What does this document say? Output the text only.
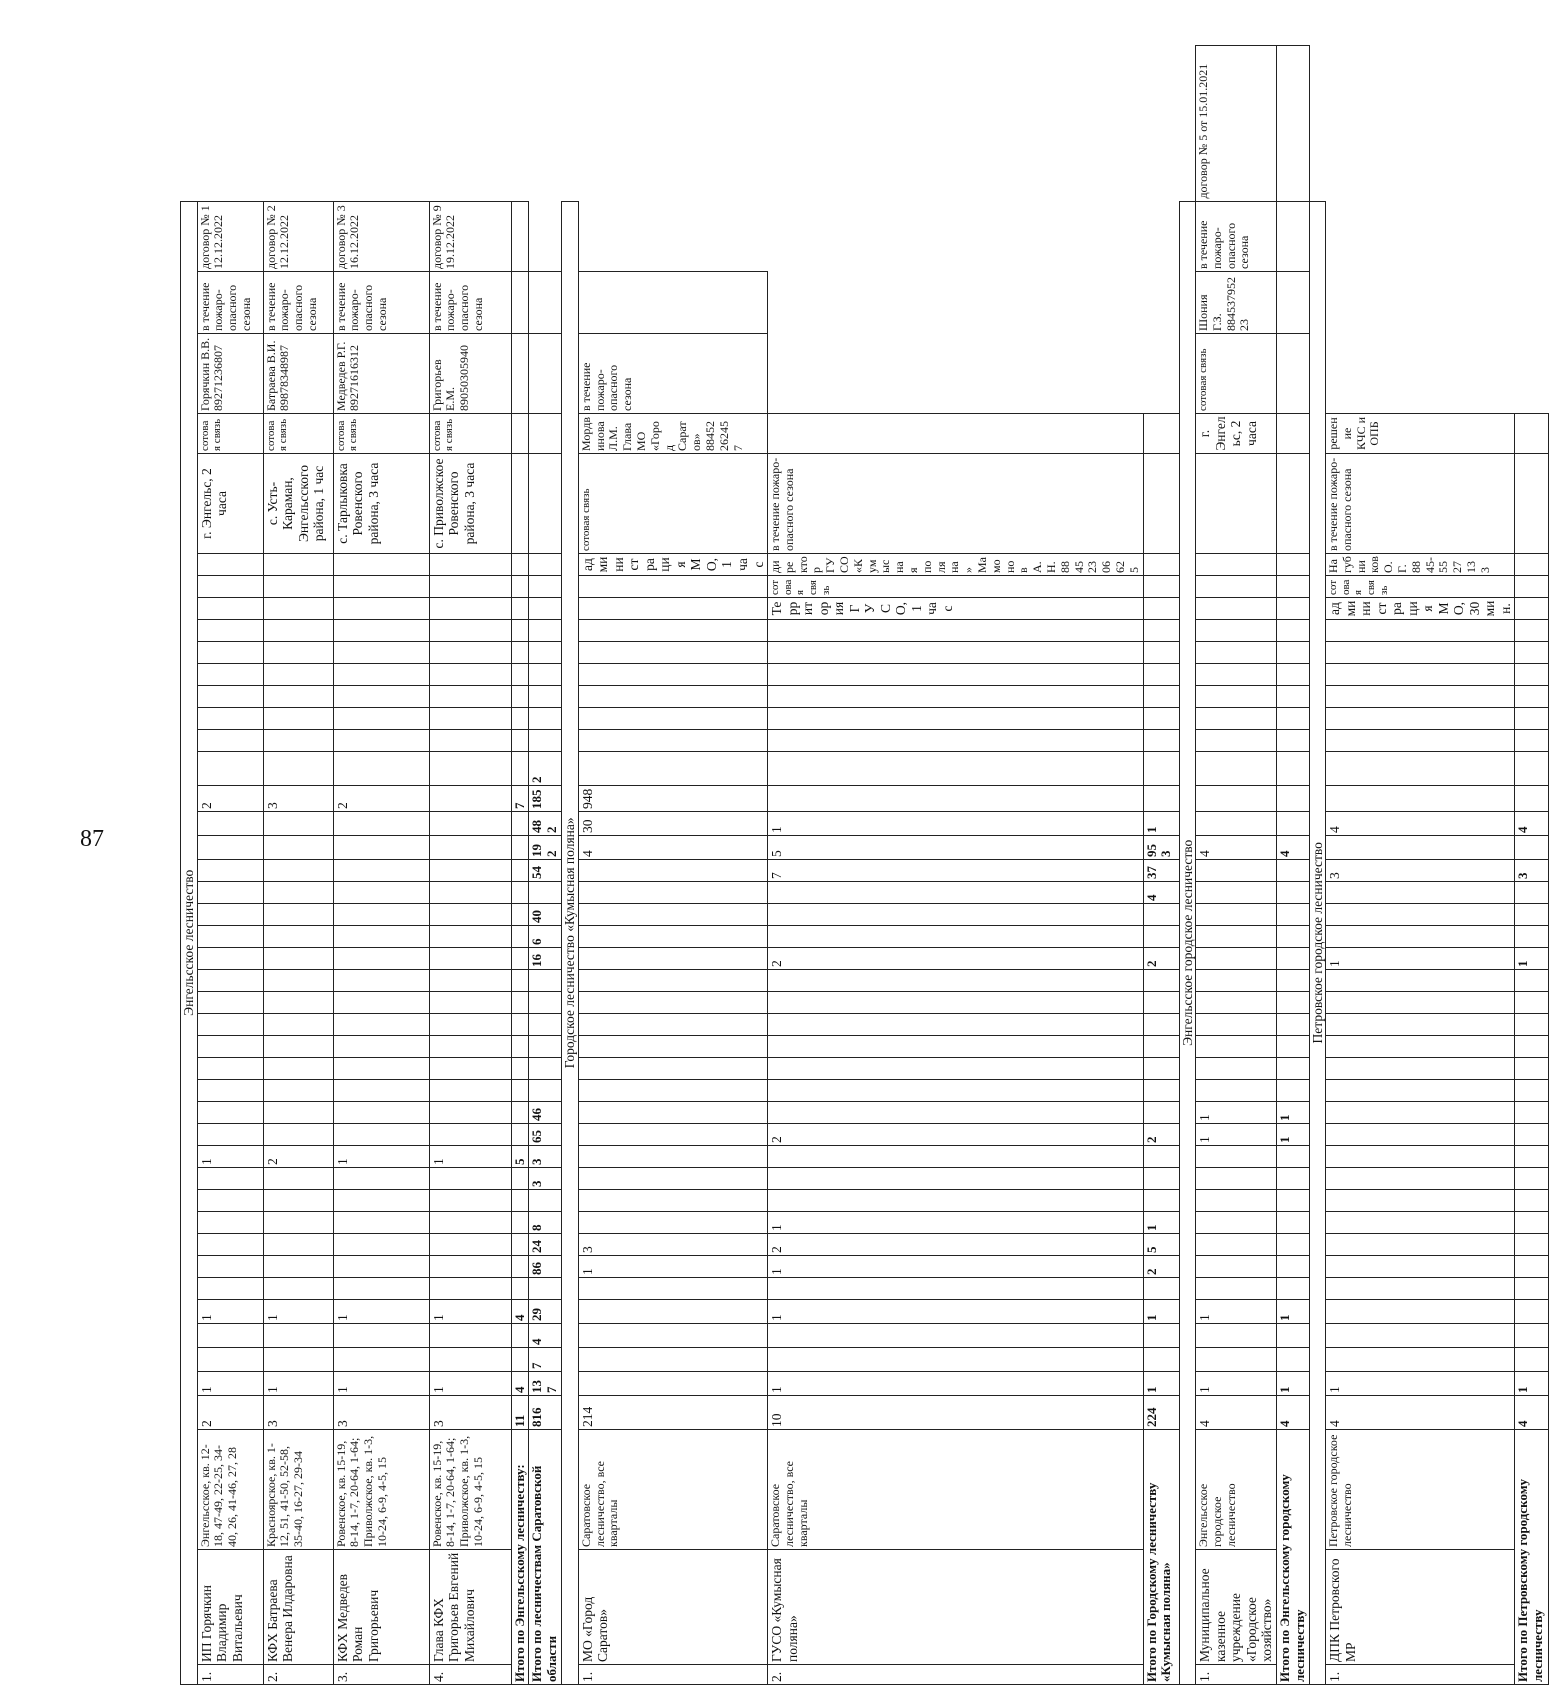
87
Энгельсское лесничество																																														
1.	ИП Горячкин Владимир Витальевич	Энгельсское, кв. 12-18, 47-49, 22-25, 34-40, 26, 41-46, 27, 28	2	1			1							1																2											г. Энгельс, 2 часа	сотовая связь	Горячкин В.В. 89271236807	в течение пожаро-опасного сезона	договор № 1 12.12.2022	
2.	КФХ Батраева Венера Илдаровна	Красноярское, кв. 1-12, 51, 41-50, 52-58, 35-40, 16-27, 29-34	3	1			1							2																3											с. Усть-Караман, Энгельсского района, 1 час	сотовая связь	Батраева В.И. 89878348987	в течение пожаро-опасного сезона	договор № 2 12.12.2022	
3.	КФХ Медведев Роман Григорьевич	Ровенское, кв. 15-19, 8-14, 1-7, 20-64, 1-64; Приволжское, кв. 1-3, 10-24, 6-9, 4-5, 15	3	1			1							1																2											с. Тарлыковка Ровенского района, 3 часа	сотовая связь	Медведев Р.Г. 89271616312	в течение пожаро-опасного сезона	договор № 3 16.12.2022	
4.	Глава КФХ Григорьев Евгений Михайлович	Ровенское, кв. 15-19, 8-14, 1-7, 20-64, 1-64; Приволжское, кв. 1-3, 10-24, 6-9, 4-5, 15	3	1			1							1																											с. Приволжское Ровенского района, 3 часа	сотовая связь	Григорьев Е.М. 89050305940	в течение пожаро-опасного сезона	договор № 9 19.12.2022	
Итого по Энгельсскому лесничеству:			11	4			4							5																7																
Итого по лесничествам Саратовской области			816	137	7	4	29		86	24	8		3	3	65	46							16	6	40		54	192	482	185	2															
Городское лесничество «Кумысная поляна»																																														
1.	МО «Город Саратов»	Саратовское лесничество, все кварталы	214						1	3																		4	30	948										администрация МО, 1 час	сотовая связь	Мордвинова Л.М. Глава МО «Город Саратов» 88452262457	в течение пожаро-опасного сезона			
2.	ГУСО «Кумысная поляна»	Саратовское лесничество, все кварталы	10	1			1		1	2	1				2								2				7	5	1									Территория ГУСО, 1 час	сотовая связь	директор ГУСО «Кумысная поляна» Мамонов А.Н. 88452306625	в течение пожаро-опасного сезона					
Итого по Городскому лесничеству «Кумысная поляна»			224	1			1		2	5	1				2								2			4	37	953	1																	
Энгельсское городское лесничество																																														
1.	Муниципальное казенное учреждение «Городское хозяйство»	Энгельсское городское лесничество	4	1			1								1	1												4														г. Энгельс, 2 часа	сотовая связь	Шония Г.З. 88453795223	в течение пожаро-опасного сезона	договор № 5 от 15.01.2021
Итого по Энгельсскому городскому лесничеству			4	1			1								1	1												4																		
Петровское городское лесничество																																														
1.	ДПК Петровского МР	Петровское городское лесничество	4	1																			1				3		4									администрация МО, 30 мин.	сотовая связь	Нагубников О.Г. 8845-5527133	в течение пожаро-опасного сезона	решение КЧС и ОПБ				
Итого по Петровскому городскому лесничеству			4	1																			1				3		4																	
